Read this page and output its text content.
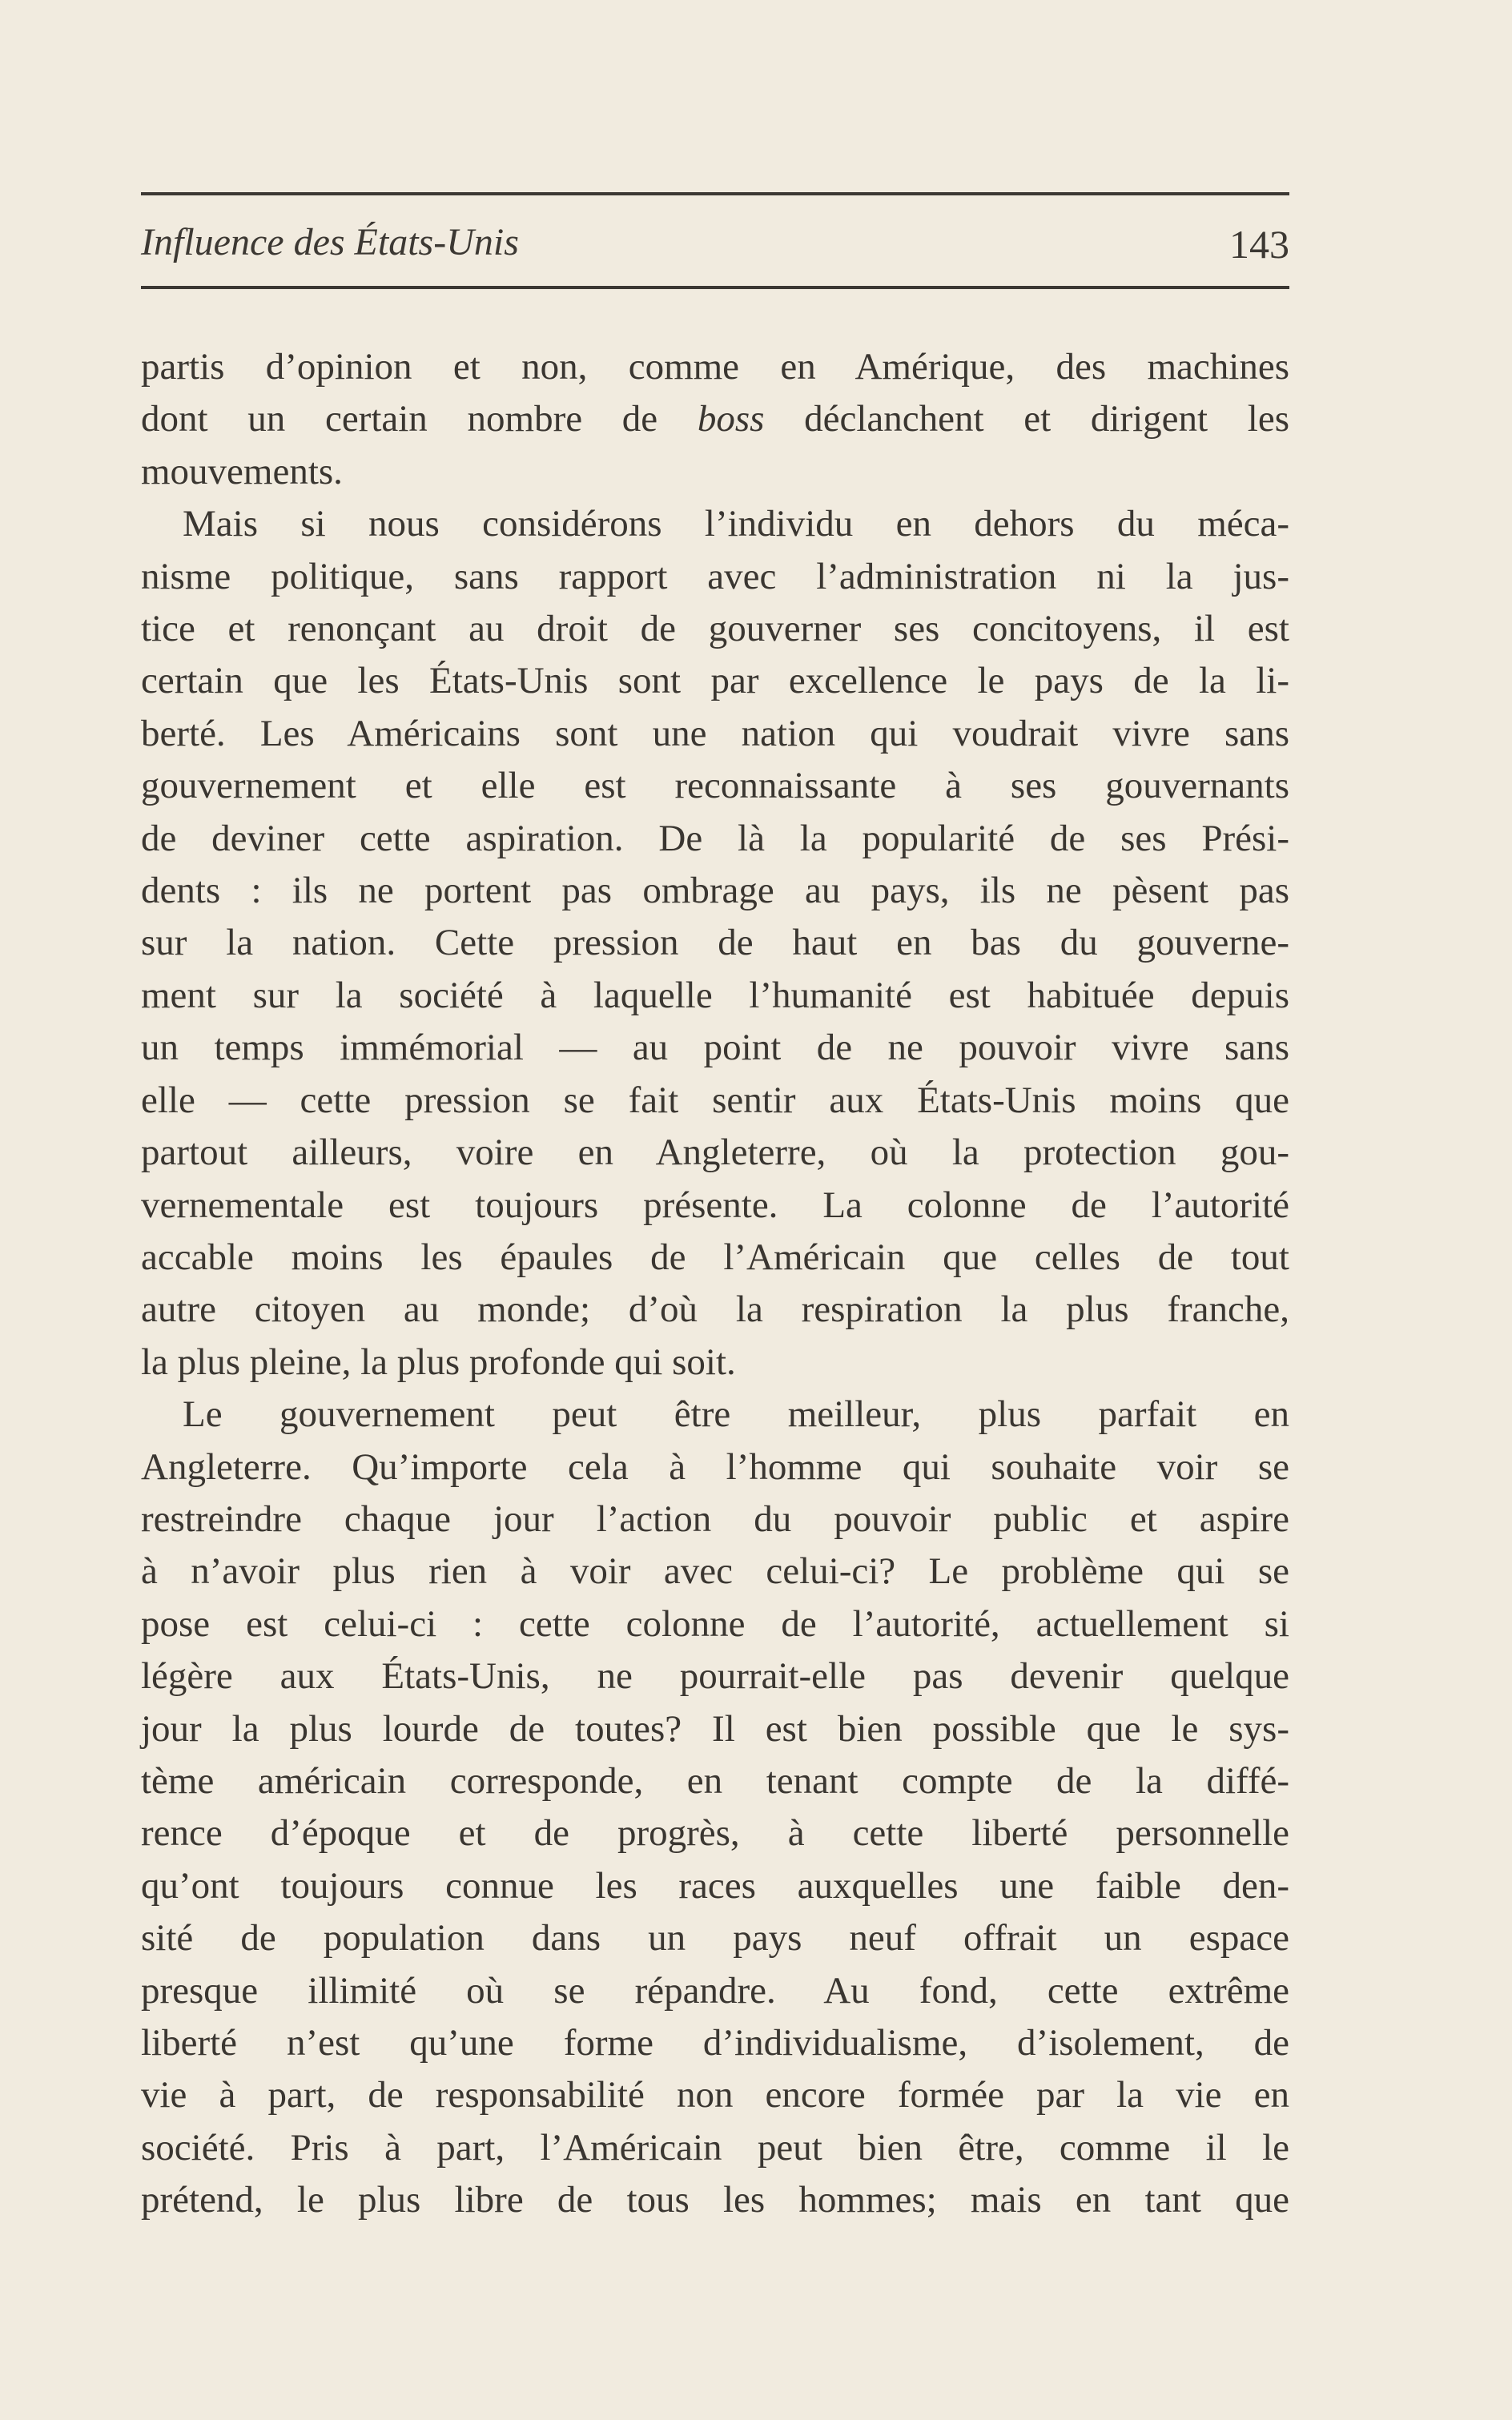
Influence des États-Unis	143
partis d’opinion et non, comme en Amérique, des machines
dont un certain nombre de boss déclanchent et dirigent les
mouvements.
Mais si nous considérons l’individu en dehors du méca-
nisme politique, sans rapport avec l’administration ni la jus-
tice et renonçant au droit de gouverner ses concitoyens, il est
certain que les États-Unis sont par excellence le pays de la li-
berté. Les Américains sont une nation qui voudrait vivre sans
gouvernement et elle est reconnaissante à ses gouvernants
de deviner cette aspiration. De là la popularité de ses Prési-
dents : ils ne portent pas ombrage au pays, ils ne pèsent pas
sur la nation. Cette pression de haut en bas du gouverne-
ment sur la société à laquelle l’humanité est habituée depuis
un temps immémorial — au point de ne pouvoir vivre sans
elle — cette pression se fait sentir aux États-Unis moins que
partout ailleurs, voire en Angleterre, où la protection gou-
vernementale est toujours présente. La colonne de l’autorité
accable moins les épaules de l’Américain que celles de tout
autre citoyen au monde; d’où la respiration la plus franche,
la plus pleine, la plus profonde qui soit.
Le gouvernement peut être meilleur, plus parfait en
Angleterre. Qu’importe cela à l’homme qui souhaite voir se
restreindre chaque jour l’action du pouvoir public et aspire
à n’avoir plus rien à voir avec celui-ci? Le problème qui se
pose est celui-ci : cette colonne de l’autorité, actuellement si
légère aux États-Unis, ne pourrait-elle pas devenir quelque
jour la plus lourde de toutes? Il est bien possible que le sys-
tème américain corresponde, en tenant compte de la diffé-
rence d’époque et de progrès, à cette liberté personnelle
qu’ont toujours connue les races auxquelles une faible den-
sité de population dans un pays neuf offrait un espace
presque illimité où se répandre. Au fond, cette extrême
liberté n’est qu’une forme d’individualisme, d’isolement, de
vie à part, de responsabilité non encore formée par la vie en
société. Pris à part, l’Américain peut bien être, comme il le
prétend, le plus libre de tous les hommes; mais en tant que
